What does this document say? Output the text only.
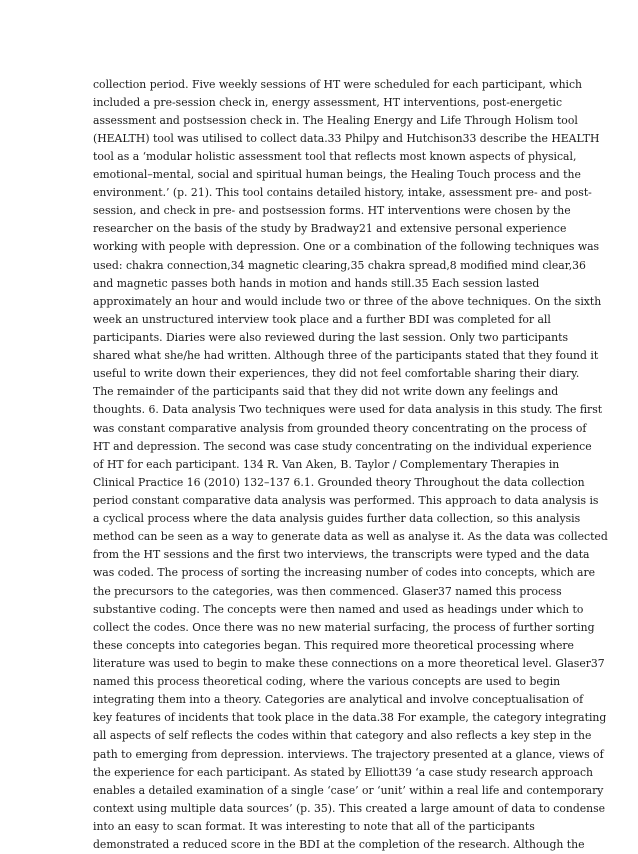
collection period. Five weekly sessions of HT were scheduled for each participant, which
included a pre-session check in, energy assessment, HT interventions, post-energetic
assessment and postsession check in. The Healing Energy and Life Through Holism tool
(HEALTH) tool was utilised to collect data.33 Philpy and Hutchison33 describe the HEALTH
tool as a ‘modular holistic assessment tool that reflects most known aspects of physical,
emotional–mental, social and spiritual human beings, the Healing Touch process and the
environment.’ (p. 21). This tool contains detailed history, intake, assessment pre- and post-
session, and check in pre- and postsession forms. HT interventions were chosen by the
researcher on the basis of the study by Bradway21 and extensive personal experience
working with people with depression. One or a combination of the following techniques was
used: chakra connection,34 magnetic clearing,35 chakra spread,8 modified mind clear,36
and magnetic passes both hands in motion and hands still.35 Each session lasted
approximately an hour and would include two or three of the above techniques. On the sixth
week an unstructured interview took place and a further BDI was completed for all
participants. Diaries were also reviewed during the last session. Only two participants
shared what she/he had written. Although three of the participants stated that they found it
useful to write down their experiences, they did not feel comfortable sharing their diary.
The remainder of the participants said that they did not write down any feelings and
thoughts. 6. Data analysis Two techniques were used for data analysis in this study. The first
was constant comparative analysis from grounded theory concentrating on the process of
HT and depression. The second was case study concentrating on the individual experience
of HT for each participant. 134 R. Van Aken, B. Taylor / Complementary Therapies in
Clinical Practice 16 (2010) 132–137 6.1. Grounded theory Throughout the data collection
period constant comparative data analysis was performed. This approach to data analysis is
a cyclical process where the data analysis guides further data collection, so this analysis
method can be seen as a way to generate data as well as analyse it. As the data was collected
from the HT sessions and the first two interviews, the transcripts were typed and the data
was coded. The process of sorting the increasing number of codes into concepts, which are
the precursors to the categories, was then commenced. Glaser37 named this process
substantive coding. The concepts were then named and used as headings under which to
collect the codes. Once there was no new material surfacing, the process of further sorting
these concepts into categories began. This required more theoretical processing where
literature was used to begin to make these connections on a more theoretical level. Glaser37
named this process theoretical coding, where the various concepts are used to begin
integrating them into a theory. Categories are analytical and involve conceptualisation of
key features of incidents that took place in the data.38 For example, the category integrating
all aspects of self reflects the codes within that category and also reflects a key step in the
path to emerging from depression. interviews. The trajectory presented at a glance, views of
the experience for each participant. As stated by Elliott39 ‘a case study research approach
enables a detailed examination of a single ‘case’ or ‘unit’ within a real life and contemporary
context using multiple data sources’ (p. 35). This created a large amount of data to condense
into an easy to scan format. It was interesting to note that all of the participants
demonstrated a reduced score in the BDI at the completion of the research. Although the
